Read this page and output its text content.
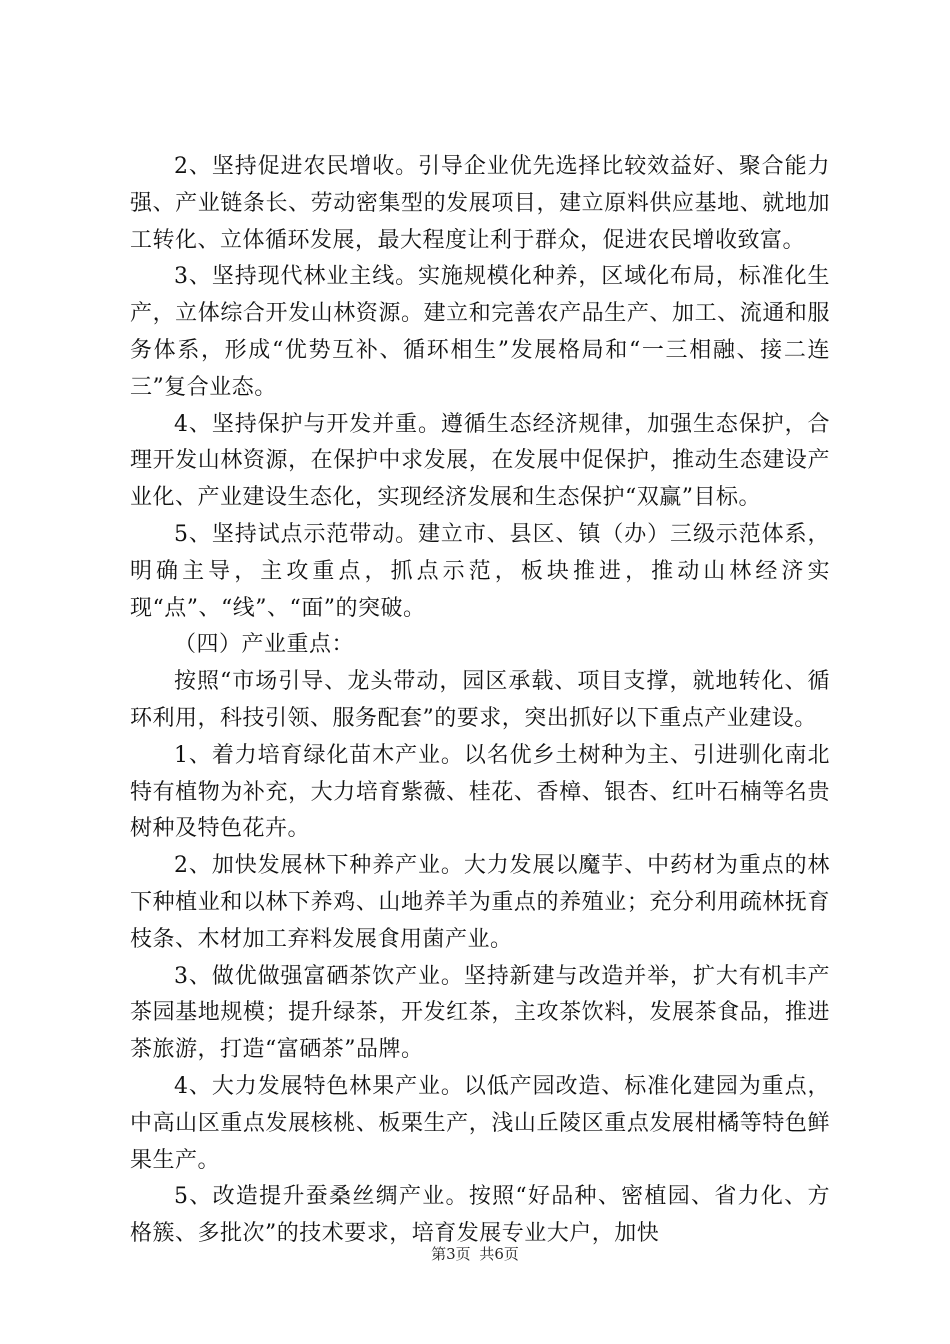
2、坚持促进农民增收。引导企业优先选择比较效益好、聚合能力强、产业链条长、劳动密集型的发展项目，建立原料供应基地、就地加工转化、立体循环发展，最大程度让利于群众，促进农民增收致富。

3、坚持现代林业主线。实施规模化种养，区域化布局，标准化生产，立体综合开发山林资源。建立和完善农产品生产、加工、流通和服务体系，形成“优势互补、循环相生”发展格局和“一三相融、接二连三”复合业态。

4、坚持保护与开发并重。遵循生态经济规律，加强生态保护，合理开发山林资源，在保护中求发展，在发展中促保护，推动生态建设产业化、产业建设生态化，实现经济发展和生态保护“双赢”目标。

5、坚持试点示范带动。建立市、县区、镇（办）三级示范体系，明确主导，主攻重点，抓点示范，板块推进，推动山林经济实现“点”、“线”、“面”的突破。

（四）产业重点：

按照“市场引导、龙头带动，园区承载、项目支撑，就地转化、循环利用，科技引领、服务配套”的要求，突出抓好以下重点产业建设。

1、着力培育绿化苗木产业。以名优乡土树种为主、引进驯化南北特有植物为补充，大力培育紫薇、桂花、香樟、银杏、红叶石楠等名贵树种及特色花卉。

2、加快发展林下种养产业。大力发展以魔芋、中药材为重点的林下种植业和以林下养鸡、山地养羊为重点的养殖业；充分利用疏林抚育枝条、木材加工弃料发展食用菌产业。

3、做优做强富硒茶饮产业。坚持新建与改造并举，扩大有机丰产茶园基地规模；提升绿茶，开发红茶，主攻茶饮料，发展茶食品，推进茶旅游，打造“富硒茶”品牌。

4、大力发展特色林果产业。以低产园改造、标准化建园为重点，中高山区重点发展核桃、板栗生产，浅山丘陵区重点发展柑橘等特色鲜果生产。

5、改造提升蚕桑丝绸产业。按照“好品种、密植园、省力化、方格簇、多批次”的技术要求，培育发展专业大户，加快

第3页 共6页
